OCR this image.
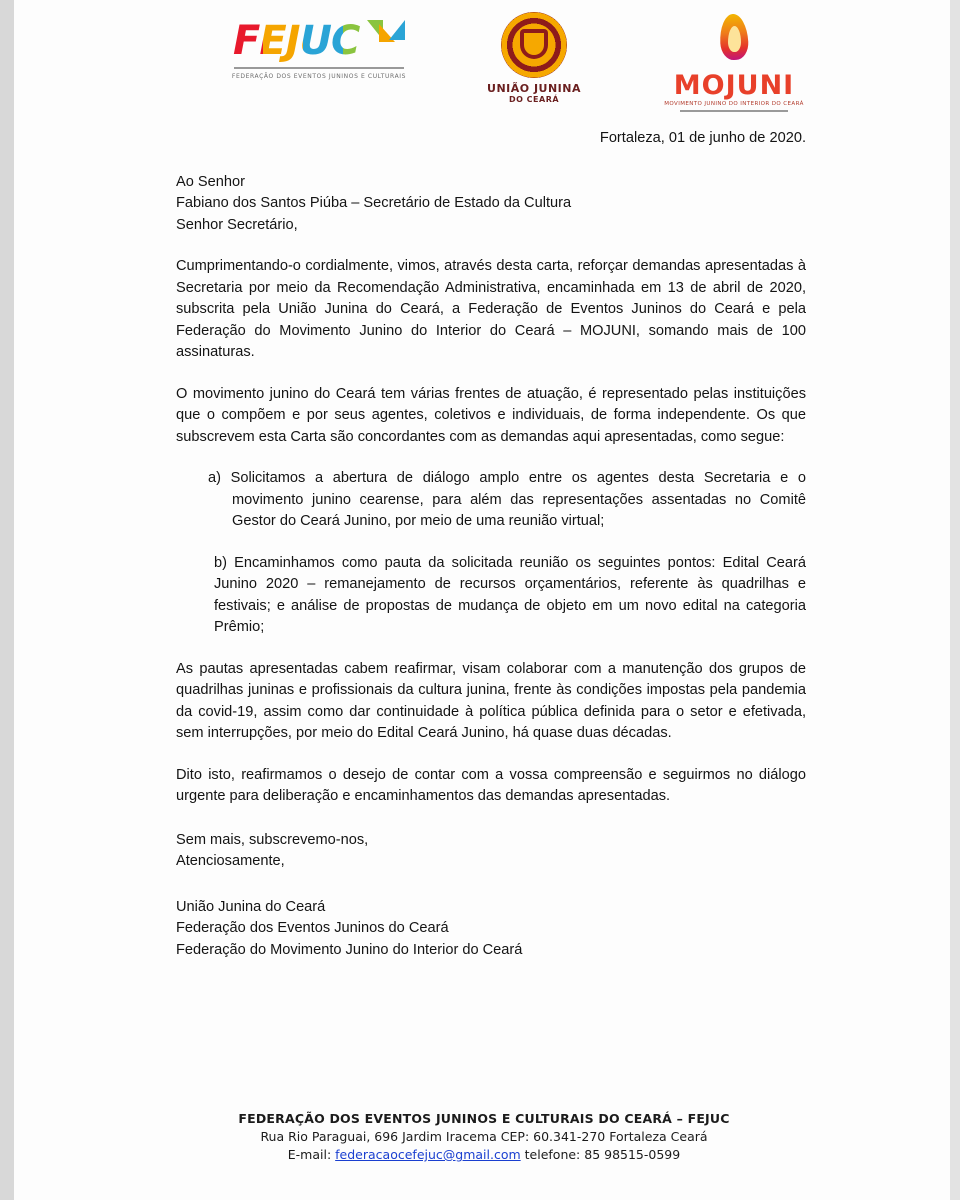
FEJUC
FEDERAÇÃO DOS EVENTOS JUNINOS E CULTURAIS
UNIÃO JUNINA
DO CEARÁ	MOJUNI
MOVIMENTO JUNINO DO INTERIOR DO CEARÁ
Fortaleza, 01 de junho de 2020.
Ao Senhor
Fabiano dos Santos Piúba – Secretário de Estado da Cultura
Senhor Secretário,
Cumprimentando-o cordialmente, vimos, através desta carta, reforçar demandas apresentadas à Secretaria por meio da Recomendação Administrativa, encaminhada em 13 de abril de 2020, subscrita pela União Junina do Ceará, a Federação de Eventos Juninos do Ceará e pela Federação do Movimento Junino do Interior do Ceará – MOJUNI, somando mais de 100 assinaturas.
O movimento junino do Ceará tem várias frentes de atuação, é representado pelas instituições que o compõem e por seus agentes, coletivos e individuais, de forma independente. Os que subscrevem esta Carta são concordantes com as demandas aqui apresentadas, como segue:
a) Solicitamos a abertura de diálogo amplo entre os agentes desta Secretaria e o movimento junino cearense, para além das representações assentadas no Comitê Gestor do Ceará Junino, por meio de uma reunião virtual;
b) Encaminhamos como pauta da solicitada reunião os seguintes pontos: Edital Ceará Junino 2020 – remanejamento de recursos orçamentários, referente às quadrilhas e festivais; e análise de propostas de mudança de objeto em um novo edital na categoria Prêmio;
As pautas apresentadas cabem reafirmar, visam colaborar com a manutenção dos grupos de quadrilhas juninas e profissionais da cultura junina, frente às condições impostas pela pandemia da covid-19, assim como dar continuidade à política pública definida para o setor e efetivada, sem interrupções, por meio do Edital Ceará Junino, há quase duas décadas.
Dito isto, reafirmamos o desejo de contar com a vossa compreensão e seguirmos no diálogo urgente para deliberação e encaminhamentos das demandas apresentadas.
Sem mais, subscrevemo-nos,
Atenciosamente,
União Junina do Ceará
Federação dos Eventos Juninos do Ceará
Federação do Movimento Junino do Interior do Ceará
FEDERAÇÃO DOS EVENTOS JUNINOS E CULTURAIS DO CEARÁ – FEJUC
Rua Rio Paraguai, 696 Jardim Iracema CEP: 60.341-270 Fortaleza Ceará
E-mail: federacaocefejuc@gmail.com telefone: 85 98515-0599
